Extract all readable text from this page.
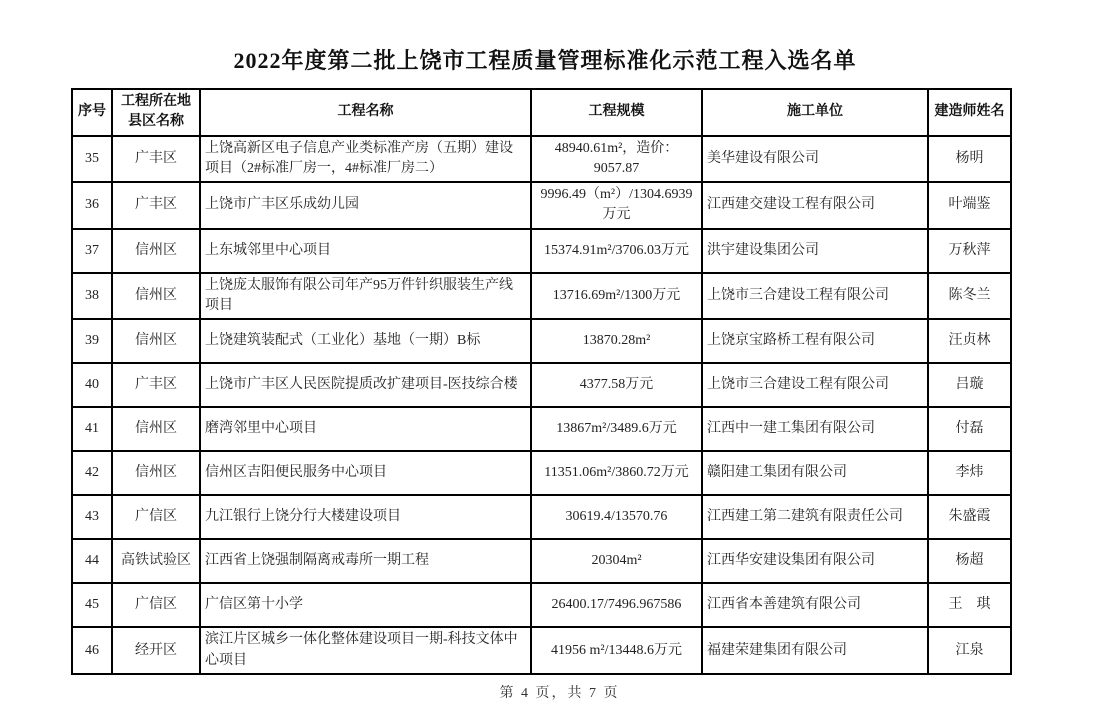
2022年度第二批上饶市工程质量管理标准化示范工程入选名单
序号	工程所在地县区名称	工程名称	工程规模	施工单位	建造师姓名
35	广丰区	上饶高新区电子信息产业类标准产房（五期）建设项目（2#标准厂房一，4#标准厂房二）	48940.61m²，造价：9057.87	美华建设有限公司	杨明
36	广丰区	上饶市广丰区乐成幼儿园	9996.49（m²）/1304.6939万元	江西建交建设工程有限公司	叶端鉴
37	信州区	上东城邻里中心项目	15374.91m²/3706.03万元	洪宇建设集团公司	万秋萍
38	信州区	上饶庞太服饰有限公司年产95万件针织服装生产线项目	13716.69m²/1300万元	上饶市三合建设工程有限公司	陈冬兰
39	信州区	上饶建筑装配式（工业化）基地（一期）B标	13870.28m²	上饶京宝路桥工程有限公司	汪贞林
40	广丰区	上饶市广丰区人民医院提质改扩建项目-医技综合楼	4377.58万元	上饶市三合建设工程有限公司	吕璇
41	信州区	磨湾邻里中心项目	13867m²/3489.6万元	江西中一建工集团有限公司	付磊
42	信州区	信州区吉阳便民服务中心项目	11351.06m²/3860.72万元	赣阳建工集团有限公司	李炜
43	广信区	九江银行上饶分行大楼建设项目	30619.4/13570.76	江西建工第二建筑有限责任公司	朱盛霞
44	高铁试验区	江西省上饶强制隔离戒毒所一期工程	20304m²	江西华安建设集团有限公司	杨超
45	广信区	广信区第十小学	26400.17/7496.967586	江西省本善建筑有限公司	王　琪
46	经开区	滨江片区城乡一体化整体建设项目一期-科技文体中心项目	41956 m²/13448.6万元	福建荣建集团有限公司	江泉
第 4 页，共 7 页
